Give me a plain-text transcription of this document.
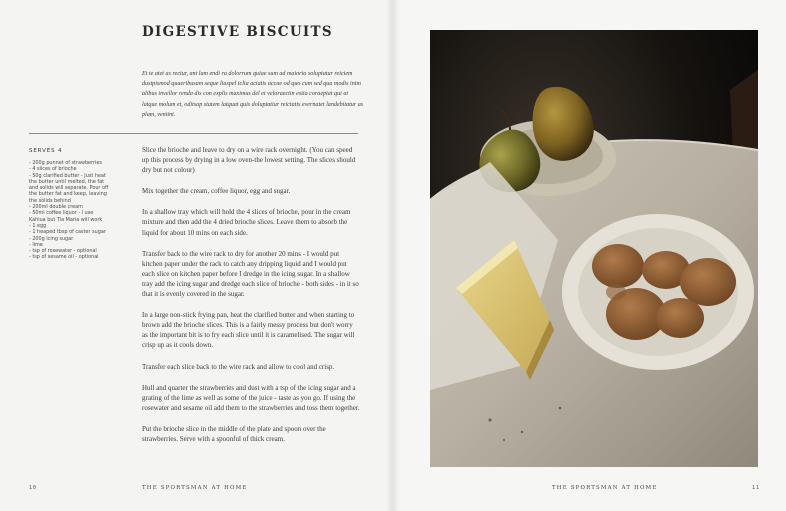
DIGESTIVE BISCUITS

Et te atet as rectur, ant lam endi ra dolorrum quiae sum ad maioria soluptatur reiciem dustpismod quaeribusam seque liaspel iclia aciatis accae od quo cum sed qua modis inim alibus invellor renda dis con explis maximus del et veloraectin estia coraeptat qui at latque molum et, oditsap statem latquat quis doluptatiur reictatis evernatet landebitatur as plam, ventint.

SERVES 4
- 200g punnet of strawberries
- 4 slices of brioche
- 50g clarified butter - Just heat the butter until melted, the fat and solids will separate. Pour off the butter fat and keep, leaving the solids behind
- 200ml double cream
- 50ml coffee liquor - I use Kahlua but Tia Maria will work
- 1 egg
- 1 heaped tbsp of caster sugar
- 200g icing sugar
- lime
- tsp of rosewater - optional
- tsp of sesame oil - optional

Slice the brioche and leave to dry on a wire rack overnight. (You can speed up this process by drying in a low oven-the lowest setting. The slices should dry but not colour)

Mix together the cream, coffee liquor, egg and sugar.

In a shallow tray which will hold the 4 slices of brioche, pour in the cream mixture and then add the 4 dried brioche slices. Leave them to absorb the liquid for about 10 mins on each side.

Transfer back to the wire rack to dry for another 20 mins - I would put kitchen paper under the rack to catch any dripping liquid and I would put each slice on kitchen paper before I dredge in the icing sugar. In a shallow tray add the icing sugar and dredge each slice of brioche - both sides - in it so that it is evenly covered in the sugar.

In a large non-stick frying pan, heat the clarified butter and when starting to brown add the brioche slices. This is a fairly messy process but don't worry as the important bit is to fry each slice until it is caramelised. The sugar will crisp up as it cools down.

Transfer each slice back to the wire rack and allow to cool and crisp.

Hull and quarter the strawberries and dust with a tsp of the icing sugar and a grating of the lime as well as some of the juice - taste as you go. If using the rosewater and sesame oil add them to the strawberries and toss them together.

Put the brioche slice in the middle of the plate and spoon over the strawberries. Serve with a spoonful of thick cream.

10	THE SPORTSMAN AT HOME	THE SPORTSMAN AT HOME	11
